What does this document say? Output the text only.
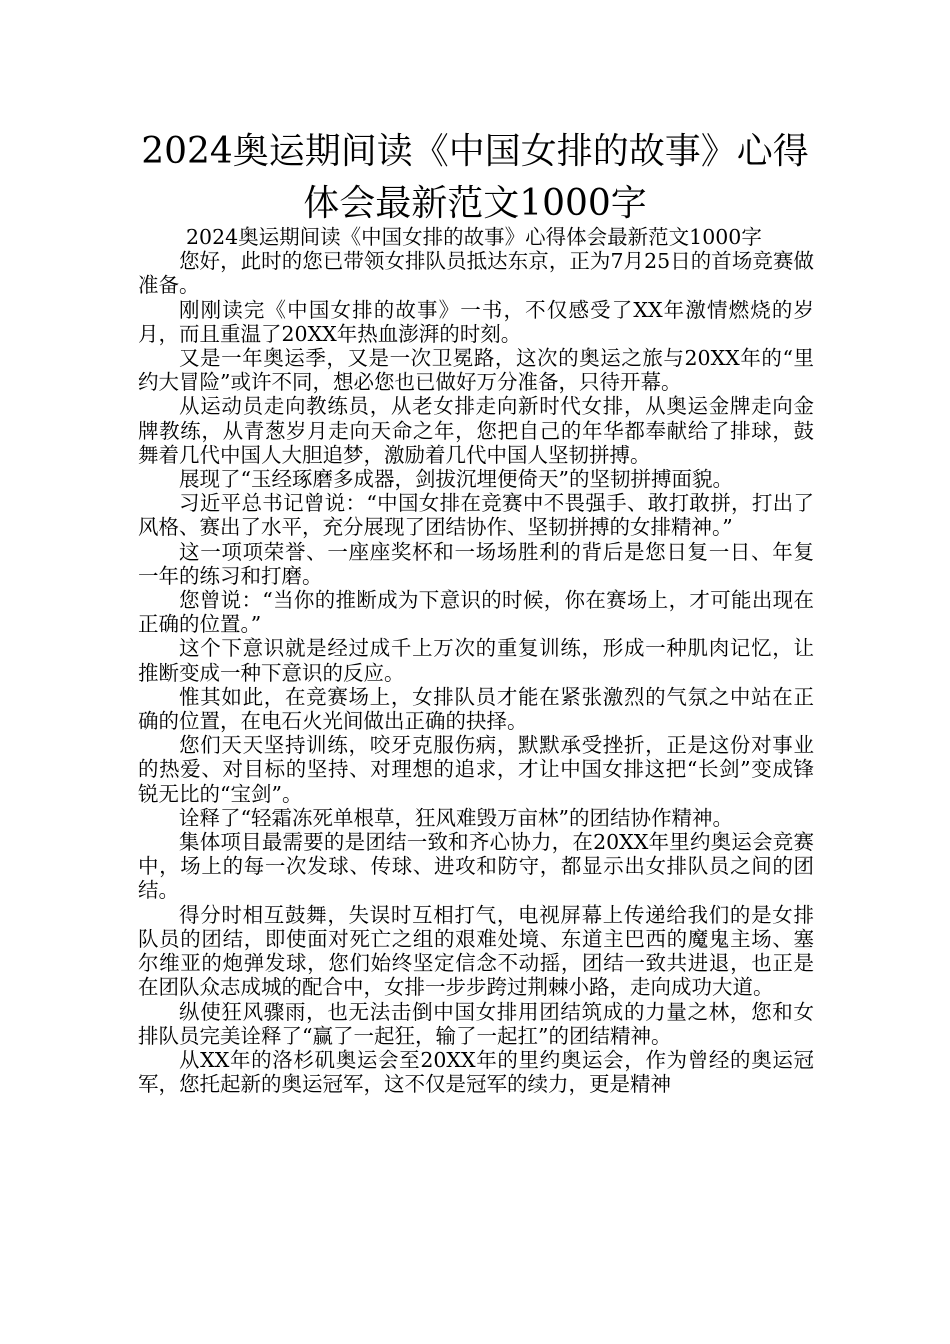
2024奥运期间读《中国女排的故事》心得体会最新范文1000字

2024奥运期间读《中国女排的故事》心得体会最新范文1000字

您好，此时的您已带领女排队员抵达东京，正为7月25日的首场竞赛做准备。

刚刚读完《中国女排的故事》一书，不仅感受了XX年激情燃烧的岁月，而且重温了20XX年热血澎湃的时刻。

又是一年奥运季，又是一次卫冕路，这次的奥运之旅与20XX年的“里约大冒险”或许不同，想必您也已做好万分准备，只待开幕。

从运动员走向教练员，从老女排走向新时代女排，从奥运金牌走向金牌教练，从青葱岁月走向天命之年，您把自己的年华都奉献给了排球，鼓舞着几代中国人大胆追梦，激励着几代中国人坚韧拼搏。

展现了“玉经琢磨多成器，剑拔沉埋便倚天”的坚韧拼搏面貌。

习近平总书记曾说：“中国女排在竞赛中不畏强手、敢打敢拼，打出了风格、赛出了水平，充分展现了团结协作、坚韧拼搏的女排精神。”

这一项项荣誉、一座座奖杯和一场场胜利的背后是您日复一日、年复一年的练习和打磨。

您曾说：“当你的推断成为下意识的时候，你在赛场上，才可能出现在正确的位置。”

这个下意识就是经过成千上万次的重复训练，形成一种肌肉记忆，让推断变成一种下意识的反应。

惟其如此，在竞赛场上，女排队员才能在紧张激烈的气氛之中站在正确的位置，在电石火光间做出正确的抉择。

您们天天坚持训练，咬牙克服伤病，默默承受挫折，正是这份对事业的热爱、对目标的坚持、对理想的追求，才让中国女排这把“长剑”变成锋锐无比的“宝剑”。

诠释了“轻霜冻死单根草，狂风难毁万亩林”的团结协作精神。

集体项目最需要的是团结一致和齐心协力，在20XX年里约奥运会竞赛中，场上的每一次发球、传球、进攻和防守，都显示出女排队员之间的团结。

得分时相互鼓舞，失误时互相打气，电视屏幕上传递给我们的是女排队员的团结，即使面对死亡之组的艰难处境、东道主巴西的魔鬼主场、塞尔维亚的炮弹发球，您们始终坚定信念不动摇，团结一致共进退，也正是在团队众志成城的配合中，女排一步步跨过荆棘小路，走向成功大道。

纵使狂风骤雨，也无法击倒中国女排用团结筑成的力量之林，您和女排队员完美诠释了“赢了一起狂，输了一起扛”的团结精神。

从XX年的洛杉矶奥运会至20XX年的里约奥运会，作为曾经的奥运冠军，您托起新的奥运冠军，这不仅是冠军的续力，更是精神
